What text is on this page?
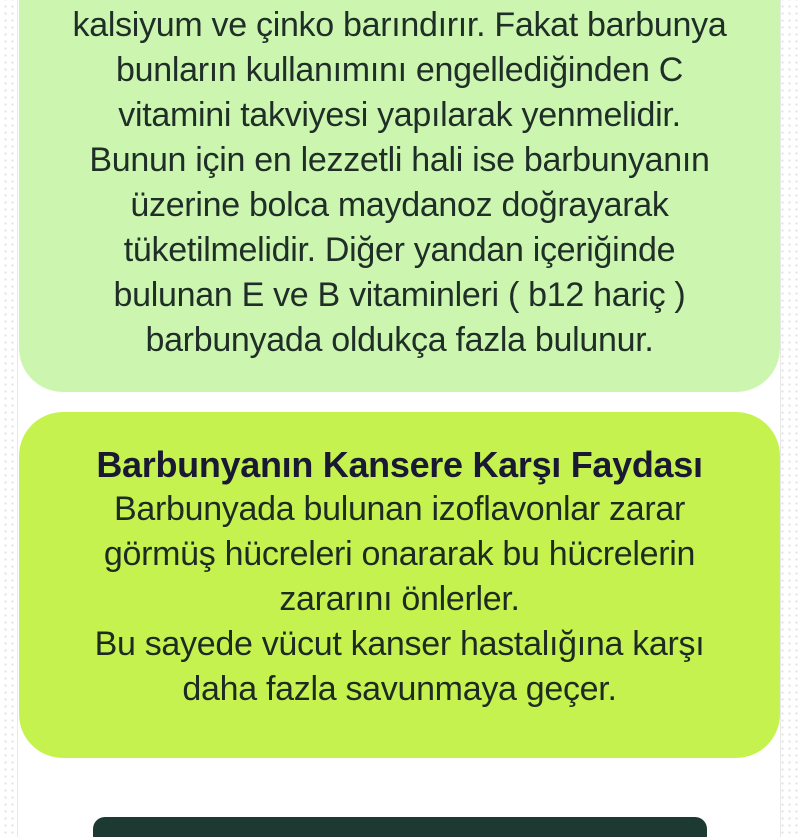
kalsiyum ve çinko barındırır. Fakat barbunya
bunların kullanımını engellediğinden C
vitamini takviyesi yapılarak yenmelidir.
Bunun için en lezzetli hali ise barbunyanın
üzerine bolca maydanoz doğrayarak
tüketilmelidir. Diğer yandan içeriğinde
bulunan E ve B vitaminleri ( b12 hariç )
barbunyada oldukça fazla bulunur.
Barbunyanın Kansere Karşı Faydası
Barbunyada bulunan izoflavonlar zarar
görmüş hücreleri onararak bu hücrelerin
zararını önlerler.
Bu sayede vücut kanser hastalığına karşı
daha fazla savunmaya geçer.
